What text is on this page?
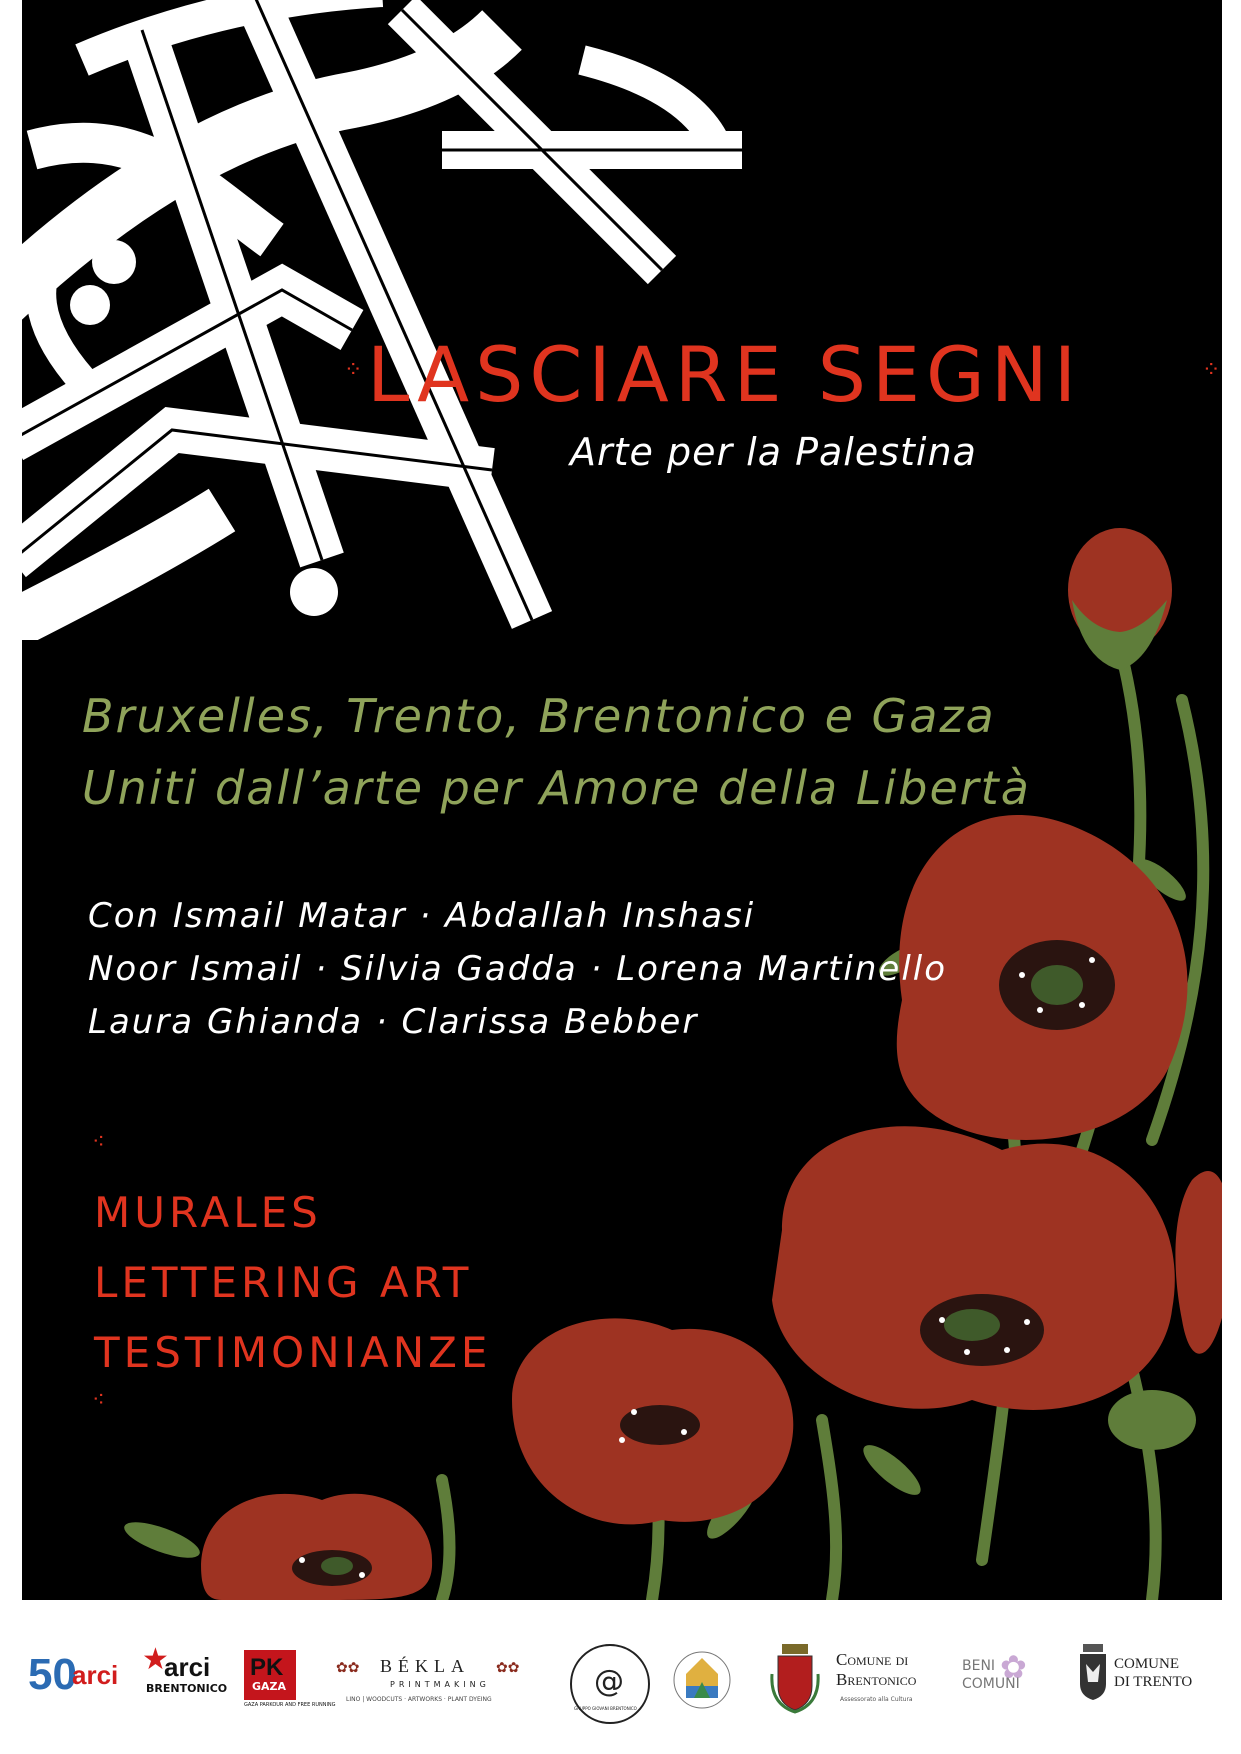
LASCIARE SEGNI
⁘	⁘

Arte per la Palestina

Bruxelles, Trento, Brentonico e Gaza
Uniti dall’arte per Amore della Libertà
Con Ismail Matar · Abdallah Inshasi
Noor Ismail · Silvia Gadda · Lorena Martinello
Laura Ghianda · Clarissa Bebber
⁖
MURALES
LETTERING ART
TESTIMONIANZE
⁖
50
arci ★
arci
BRENTONICO
PK
GAZA
GAZA PARKOUR AND FREE RUNNING
✿✿ BÉKLA ✿✿
PRINTMAKING
LINO | WOODCUTS · ARTWORKS · PLANT DYEING
@
GRUPPO GIOVANI BRENTONICO
Comune di
Brentonico
Assessorato alla Cultura
BENI ✿
COMUNI
COMUNE
DI TRENTO
